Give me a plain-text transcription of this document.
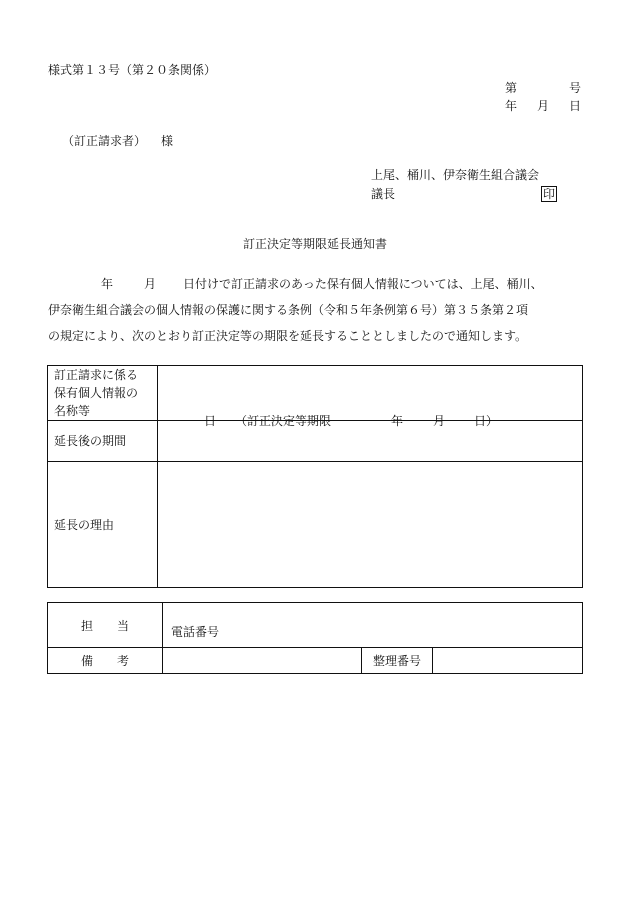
様式第１３号（第２０条関係）
第	号
年 月 日
（訂正請求者） 様
上尾、桶川、伊奈衛生組合議会
議長	印
訂正決定等期限延長通知書
年	月 日付けで訂正請求のあった保有個人情報については、上尾、桶川、
伊奈衛生組合議会の個人情報の保護に関する条例（令和５年条例第６号）第３５条第２項
の規定により、次のとおり訂正決定等の期限を延長することとしましたので通知します。
訂正請求に係る
保有個人情報の
名称等	

延長後の期間	日 （訂正決定等期限 年 月 日）

延長の理由	

担　　当	電話番号		

備　　考		整理番号	
